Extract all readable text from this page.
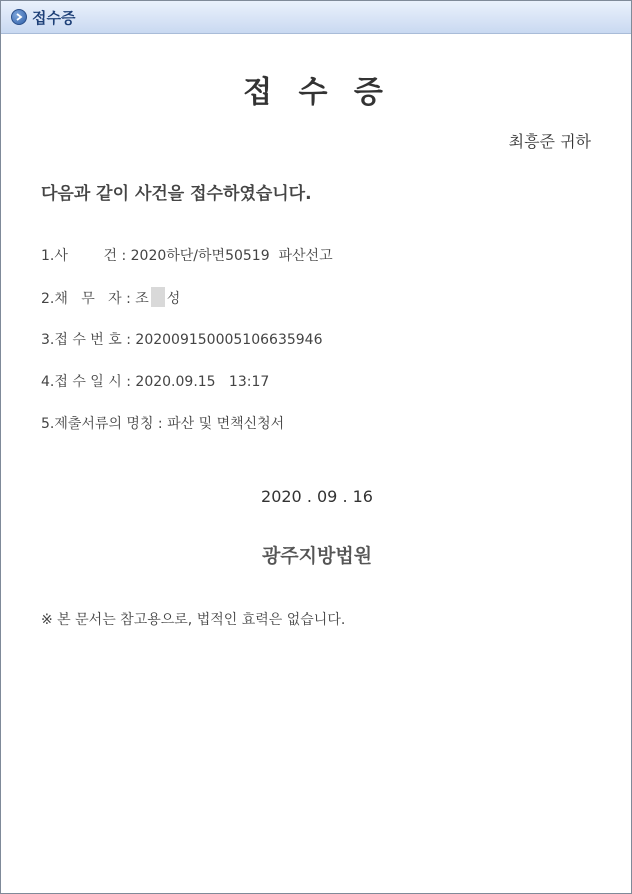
접수증
접 수 증
최흥준 귀하
다음과 같이 사건을 접수하였습니다.
1.사        건 : 2020하단/하면50519  파산선고
2.채   무   자 : 조 성
3.접 수 번 호 : 20200915000510663594​6
4.접 수 일 시 : 2020.09.15   13:17
5.제출서류의 명칭 : 파산 및 면책신청서
2020 . 09 . 16
광주지방법원
※ 본 문서는 참고용으로, 법적인 효력은 없습니다.
